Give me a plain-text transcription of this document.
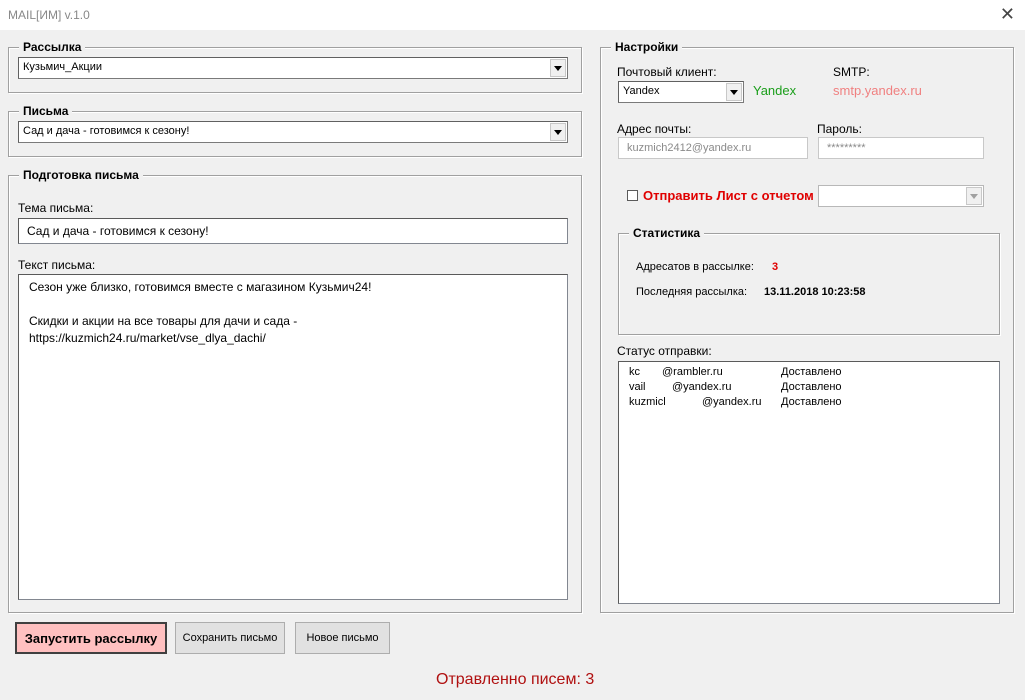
MAIL[ИМ] v.1.0	✕
Рассылка
Кузьмич_Акции
Письма
Сад и дача - готовимся к сезону!
Подготовка письма
Тема письма:
Сад и дача - готовимся к сезону!
Текст письма:
Сезон уже близко, готовимся вместе с магазином Кузьмич24!
Скидки и акции на все товары для дачи и сада -
https://kuzmich24.ru/market/vse_dlya_dachi/
Настройки
Почтовый клиент:
Yandex	Yandex
SMTP:
smtp.yandex.ru
Адрес почты:
kuzmich2412@yandex.ru
Пароль:
*********
Отправить Лист с отчетом
Статистика
Адресатов в рассылке: 3
Последняя рассылка: 13.11.2018 10:23:58
Статус отправки:
kc @rambler.ru	Доставлено
vail @yandex.ru	Доставлено
kuzmicl	@yandex.ru Доставлено
Запустить рассылку	Сохранить письмо	Новое письмо
Отравленно писем: 3
